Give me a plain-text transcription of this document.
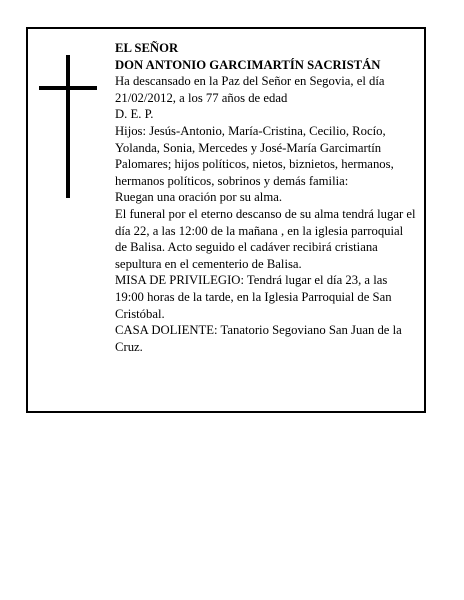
EL SEÑOR

DON ANTONIO GARCIMARTÍN SACRISTÁN

Ha descansado en la Paz del Señor en Segovia, el día 21/02/2012, a los 77 años de edad

D. E. P.

Hijos: Jesús-Antonio, María-Cristina, Cecilio, Rocío, Yolanda, Sonia, Mercedes y José-María Garcimartín Palomares; hijos políticos, nietos, biznietos, hermanos, hermanos políticos, sobrinos y demás familia:

Ruegan una oración por su alma.

El funeral por el eterno descanso de su alma tendrá lugar el día 22, a las 12:00 de la mañana , en la iglesia parroquial de Balisa. Acto seguido el cadáver recibirá cristiana sepultura en el cementerio de Balisa.

MISA DE PRIVILEGIO: Tendrá lugar el día 23, a las 19:00 horas de la tarde, en la Iglesia Parroquial de San Cristóbal.

CASA DOLIENTE: Tanatorio Segoviano San Juan de la Cruz.
